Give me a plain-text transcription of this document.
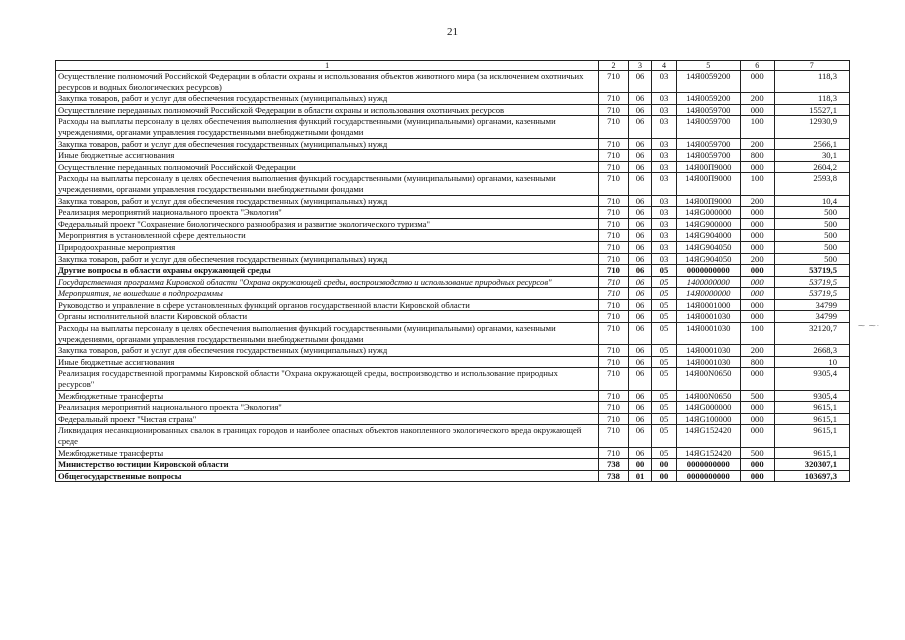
21
1	2	3	4	5	6	7
Осуществление полномочий Российской Федерации в области охраны и использования объектов животного мира (за исключением охотничьих ресурсов и водных биологических ресурсов)	710	06	03	14Я0059200	000	118,3
Закупка товаров, работ и услуг для обеспечения государственных (муниципальных) нужд	710	06	03	14Я0059200	200	118,3
Осуществление переданных полномочий Российской Федерации в области охраны и использования охотничьих ресурсов	710	06	03	14Я0059700	000	15527,1
Расходы на выплаты персоналу в целях обеспечения выполнения функций государственными (муниципальными) органами, казенными учреждениями, органами управления государственными внебюджетными фондами	710	06	03	14Я0059700	100	12930,9
Закупка товаров, работ и услуг для обеспечения государственных (муниципальных) нужд	710	06	03	14Я0059700	200	2566,1
Иные бюджетные ассигнования	710	06	03	14Я0059700	800	30,1
Осуществление переданных полномочий Российской Федерации	710	06	03	14Я00П9000	000	2604,2
Расходы на выплаты персоналу в целях обеспечения выполнения функций государственными (муниципальными) органами, казенными учреждениями, органами управления государственными внебюджетными фондами	710	06	03	14Я00П9000	100	2593,8
Закупка товаров, работ и услуг для обеспечения государственных (муниципальных) нужд	710	06	03	14Я00П9000	200	10,4
Реализация мероприятий национального проекта "Экология"	710	06	03	14ЯG000000	000	500
Федеральный проект "Сохранение биологического разнообразия и развитие экологического туризма"	710	06	03	14ЯG900000	000	500
Мероприятия в установленной сфере деятельности	710	06	03	14ЯG904000	000	500
Природоохранные мероприятия	710	06	03	14ЯG904050	000	500
Закупка товаров, работ и услуг для обеспечения государственных (муниципальных) нужд	710	06	03	14ЯG904050	200	500
Другие вопросы в области охраны окружающей среды	710	06	05	0000000000	000	53719,5
Государственная программа Кировской области "Охрана окружающей среды, воспроизводство и использование природных ресурсов"	710	06	05	1400000000	000	53719,5
Мероприятия, не вошедшие в подпрограммы	710	06	05	14Я0000000	000	53719,5
Руководство и управление в сфере установленных функций органов государственной власти Кировской области	710	06	05	14Я0001000	000	34799
Органы исполнительной власти Кировской области	710	06	05	14Я0001030	000	34799
Расходы на выплаты персоналу в целях обеспечения выполнения функций государственными (муниципальными) органами, казенными учреждениями, органами управления государственными внебюджетными фондами	710	06	05	14Я0001030	100	32120,7
Закупка товаров, работ и услуг для обеспечения государственных (муниципальных) нужд	710	06	05	14Я0001030	200	2668,3
Иные бюджетные ассигнования	710	06	05	14Я0001030	800	10
Реализация государственной программы Кировской области "Охрана окружающей среды, воспроизводство и использование природных ресурсов"	710	06	05	14Я00N0650	000	9305,4
Межбюджетные трансферты	710	06	05	14Я00N0650	500	9305,4
Реализация мероприятий национального проекта "Экология"	710	06	05	14ЯG000000	000	9615,1
Федеральный проект "Чистая страна"	710	06	05	14ЯG100000	000	9615,1
Ликвидация несанкционированных свалок в границах городов и наиболее опасных объектов накопленного экологического вреда окружающей среде	710	06	05	14ЯG152420	000	9615,1
Межбюджетные трансферты	710	06	05	14ЯG152420	500	9615,1
Министерство юстиции Кировской области	738	00	00	0000000000	000	320307,1
Общегосударственные вопросы	738	01	00	0000000000	000	103697,3
⁓ ⁓·
